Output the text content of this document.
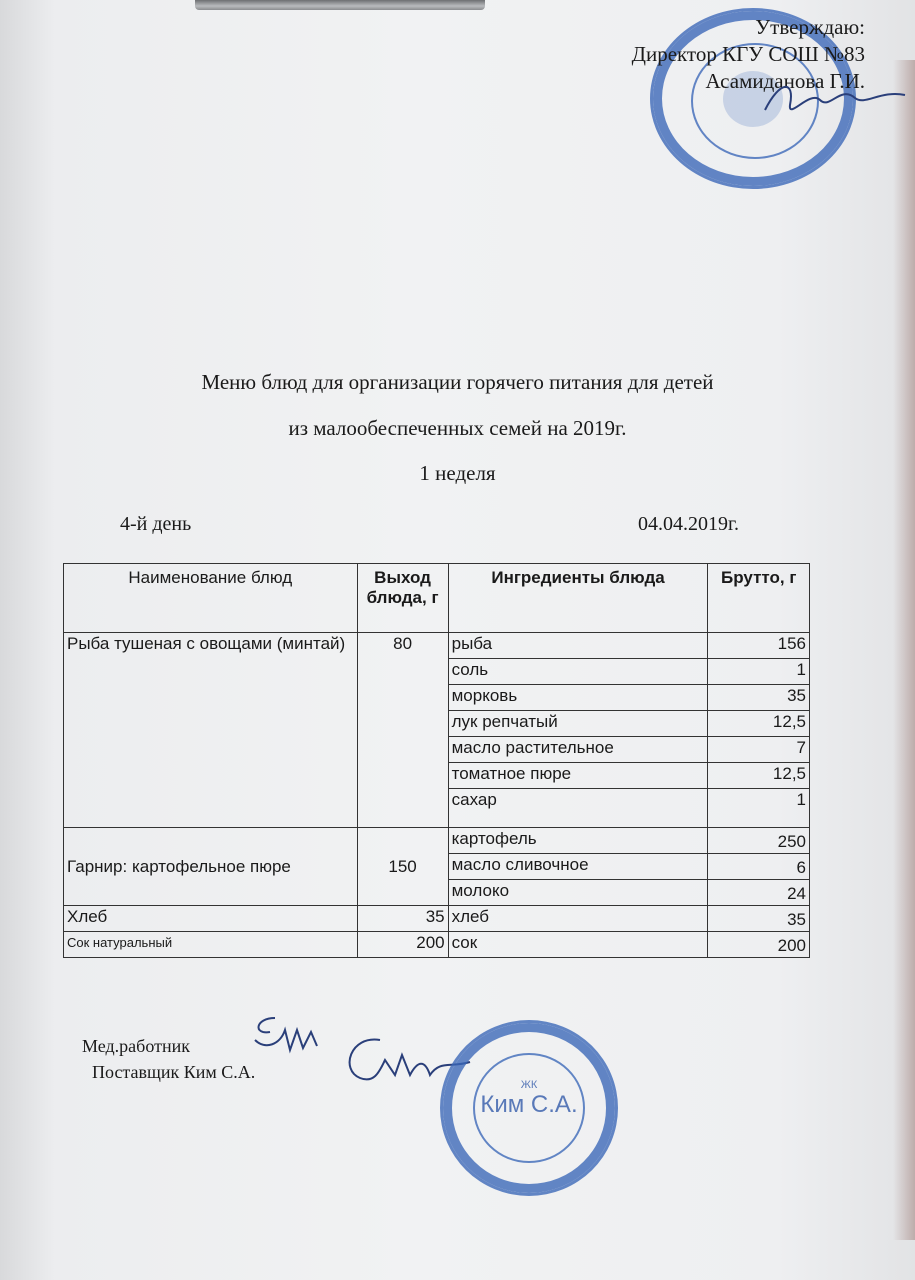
Утверждаю:
Директор КГУ СОШ №83
Асамиданова Г.И.
Меню блюд для организации горячего питания для детей
из малообеспеченных семей на 2019г.
1 неделя
4-й день	04.04.2019г.
Наименование блюд	Выход блюда, г	Ингредиенты блюда	Брутто, г
Рыба тушеная с овощами (минтай)	80	рыба	156
		соль	1
		морковь	35
		лук репчатый	12,5
		масло растительное	7
		томатное пюре	12,5
		сахар	1
Гарнир: картофельное пюре	150	картофель	250
		масло сливочное	6
		молоко	24
Хлеб	35	хлеб	35
Сок натуральный	200	сок	200
Мед.работник
Поставщик Ким С.А.
ЖК
Ким С.А.
